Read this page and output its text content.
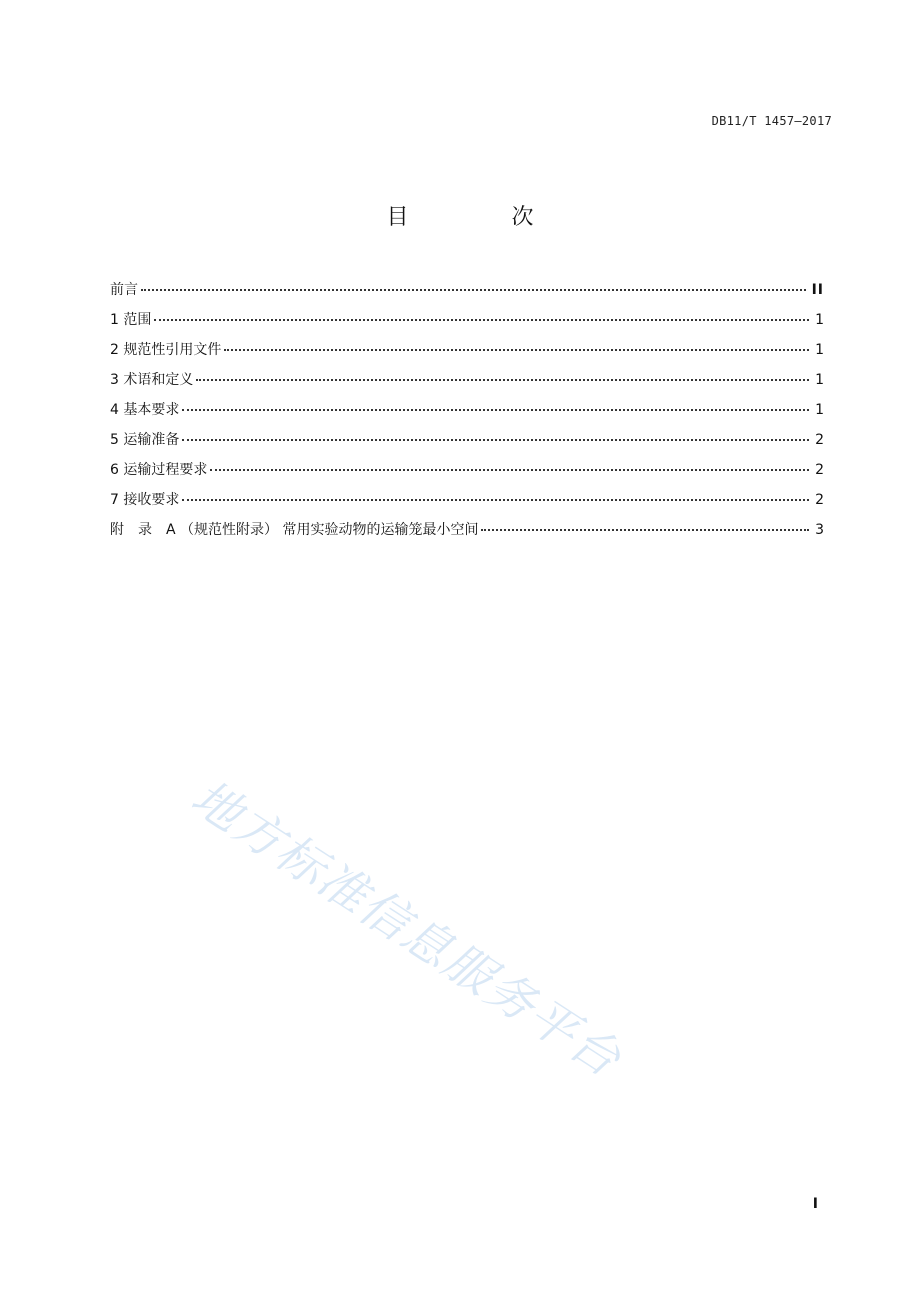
DB11/T 1457—2017
目 次
前言	II
1 范围	1
2 规范性引用文件	1
3 术语和定义	1
4 基本要求	1
5 运输准备	2
6 运输过程要求	2
7 接收要求	2
附　录　A （规范性附录） 常用实验动物的运输笼最小空间	3
地方标准信息服务平台
I
